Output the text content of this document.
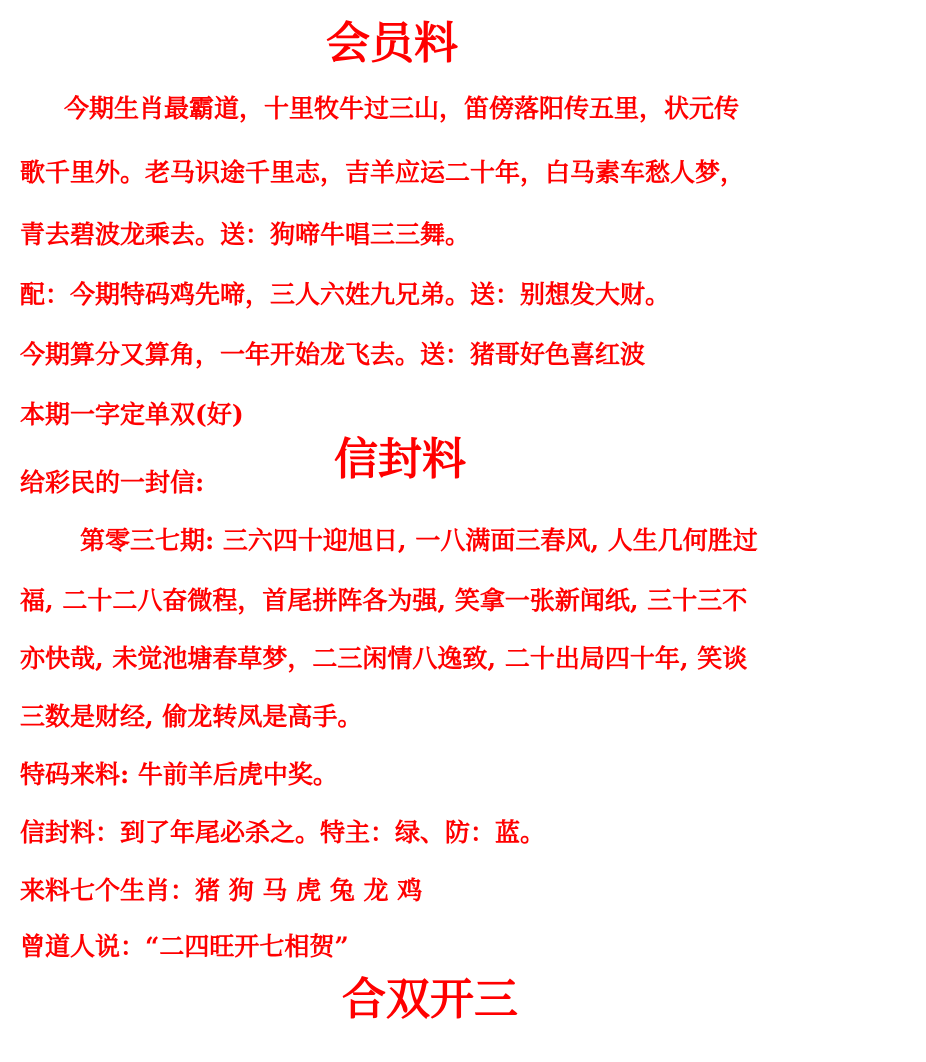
会员料
今期生肖最霸道，十里牧牛过三山，笛傍落阳传五里，状元传
歌千里外。老马识途千里志，吉羊应运二十年，白马素车愁人梦，
青去碧波龙乘去。送：狗啼牛唱三三舞。
配：今期特码鸡先啼，三人六姓九兄弟。送：别想发大财。
今期算分又算角，一年开始龙飞去。送：猪哥好色喜红波
本期一字定单双(好)
给彩民的一封信:	信封料
第零三七期: 三六四十迎旭日, 一八满面三春风, 人生几何胜过
福, 二十二八奋微程，首尾拼阵各为强, 笑拿一张新闻纸, 三十三不
亦快哉, 未觉池塘春草梦，二三闲情八逸致, 二十出局四十年, 笑谈
三数是财经, 偷龙转凤是高手。
特码来料: 牛前羊后虎中奖。
信封料：到了年尾必杀之。特主：绿、防：蓝。
来料七个生肖：猪 狗 马 虎 兔 龙 鸡
曾道人说：“二四旺开七相贺”
合双开三
